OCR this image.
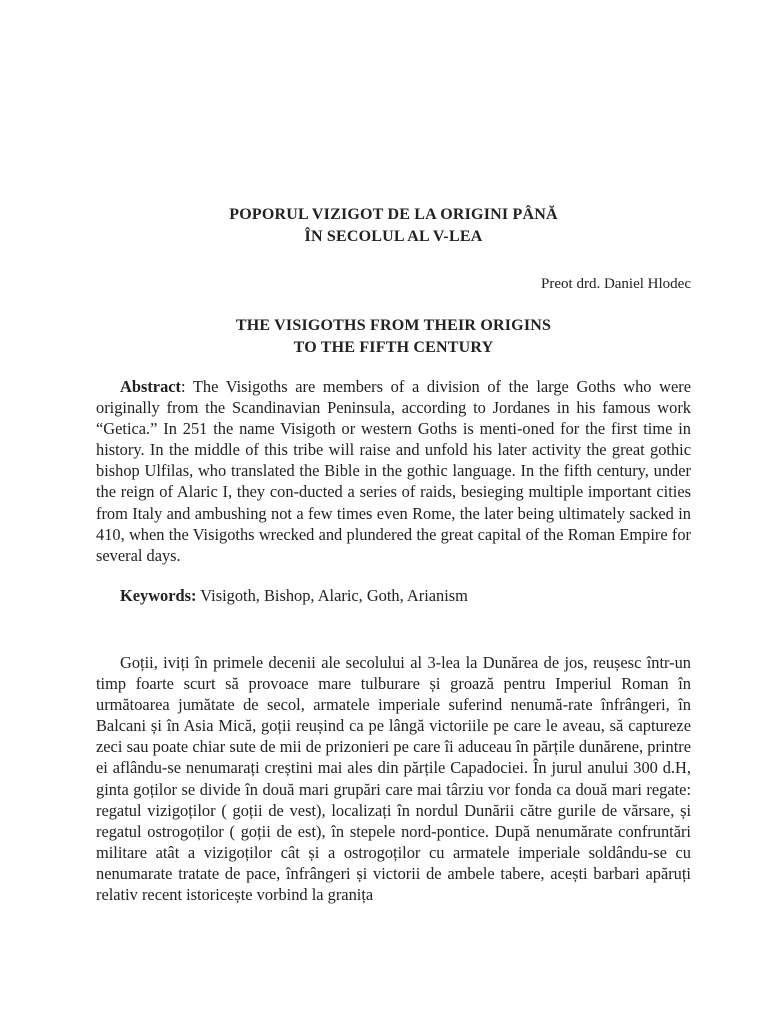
POPORUL VIZIGOT DE LA ORIGINI PÂNĂ
ÎN SECOLUL AL V-LEA
Preot drd. Daniel Hlodec
THE VISIGOTHS FROM THEIR ORIGINS
TO THE FIFTH CENTURY

Abstract: The Visigoths are members of a division of the large Goths who were originally from the Scandinavian Peninsula, according to Jordanes in his famous work “Getica.” In 251 the name Visigoth or western Goths is menti-oned for the first time in history. In the middle of this tribe will raise and unfold his later activity the great gothic bishop Ulfilas, who translated the Bible in the gothic language. In the fifth century, under the reign of Alaric I, they con-ducted a series of raids, besieging multiple important cities from Italy and ambushing not a few times even Rome, the later being ultimately sacked in 410, when the Visigoths wrecked and plundered the great capital of the Roman Empire for several days.

Keywords: Visigoth, Bishop, Alaric, Goth, Arianism

Goții, iviți în primele decenii ale secolului al 3-lea la Dunărea de jos, reușesc într-un timp foarte scurt să provoace mare tulburare și groază pentru Imperiul Roman în următoarea jumătate de secol, armatele imperiale suferind nenumă-rate înfrângeri, în Balcani și în Asia Mică, goții reușind ca pe lângă victoriile pe care le aveau, să captureze zeci sau poate chiar sute de mii de prizonieri pe care îi aduceau în părțile dunărene, printre ei aflându-se nenumarați creștini mai ales din părțile Capadociei. În jurul anului 300 d.H, ginta goților se divide în două mari grupări care mai târziu vor fonda ca două mari regate: regatul vizigoților ( goții de vest), localizați în nordul Dunării către gurile de vărsare, și regatul ostrogoților ( goții de est), în stepele nord-pontice. După nenumărate confruntări militare atât a vizigoților cât și a ostrogoților cu armatele imperiale soldându-se cu nenumarate tratate de pace, înfrângeri și victorii de ambele tabere, acești barbari apăruți relativ recent istoricește vorbind la granița
